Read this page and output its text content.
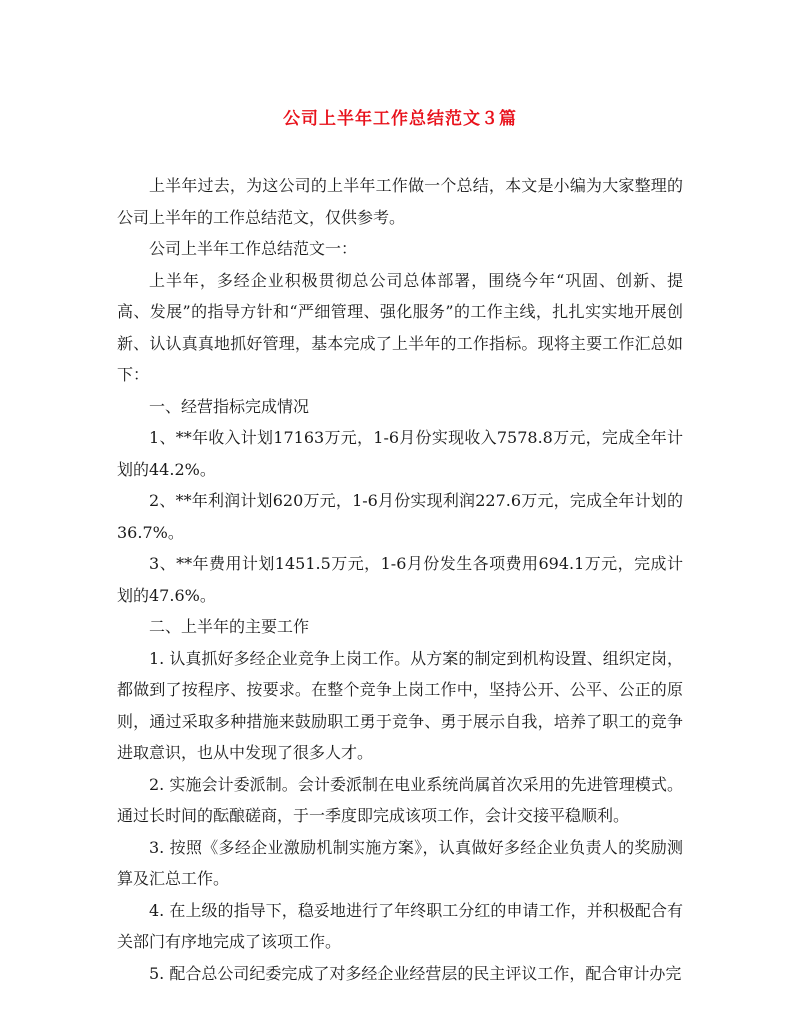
公司上半年工作总结范文３篇

上半年过去，为这公司的上半年工作做一个总结，本文是小编为大家整理的公司上半年的工作总结范文，仅供参考。

公司上半年工作总结范文一：

上半年，多经企业积极贯彻总公司总体部署，围绕今年“巩固、创新、提高、发展”的指导方针和“严细管理、强化服务”的工作主线，扎扎实实地开展创新、认认真真地抓好管理，基本完成了上半年的工作指标。现将主要工作汇总如下：

一、经营指标完成情况

1、**年收入计划17163万元，1-6月份实现收入7578.8万元，完成全年计划的44.2%。

2、**年利润计划620万元，1-6月份实现利润227.6万元，完成全年计划的36.7%。

3、**年费用计划1451.5万元，1-6月份发生各项费用694.1万元，完成计划的47.6%。

二、上半年的主要工作

1. 认真抓好多经企业竞争上岗工作。从方案的制定到机构设置、组织定岗，都做到了按程序、按要求。在整个竞争上岗工作中，坚持公开、公平、公正的原则，通过采取多种措施来鼓励职工勇于竞争、勇于展示自我，培养了职工的竞争进取意识，也从中发现了很多人才。

2. 实施会计委派制。会计委派制在电业系统尚属首次采用的先进管理模式。通过长时间的酝酿磋商，于一季度即完成该项工作，会计交接平稳顺利。

3. 按照《多经企业激励机制实施方案》，认真做好多经企业负责人的奖励测算及汇总工作。

4. 在上级的指导下，稳妥地进行了年终职工分红的申请工作，并积极配合有关部门有序地完成了该项工作。

5. 配合总公司纪委完成了对多经企业经营层的民主评议工作，配合审计办完
